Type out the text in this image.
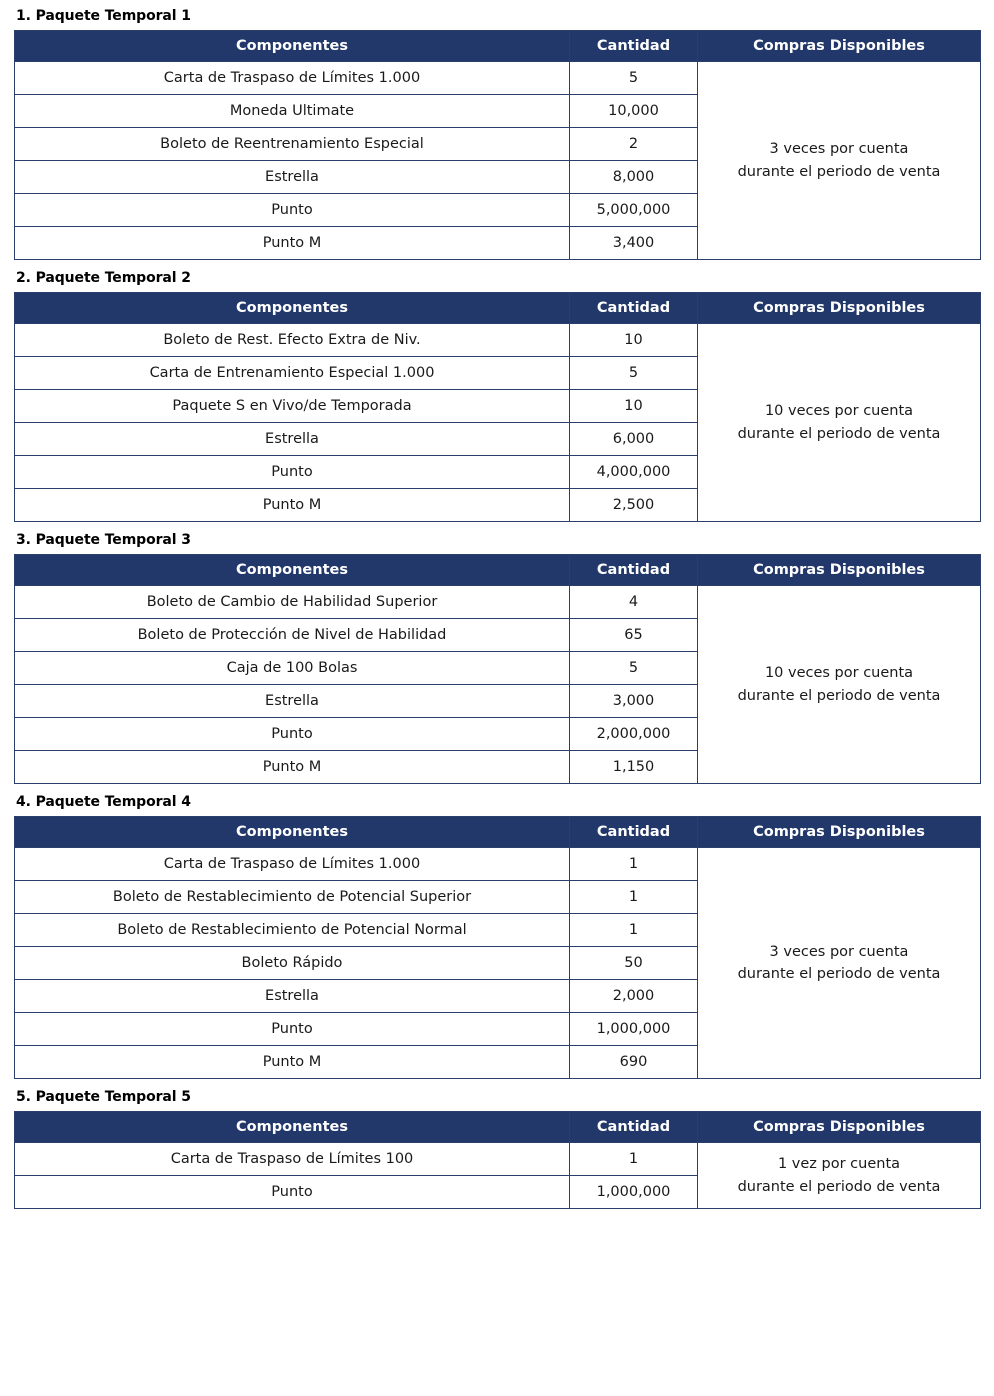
1. Paquete Temporal 1
Componentes	Cantidad	Compras Disponibles
Carta de Traspaso de Límites 1.000	5	3 veces por cuenta
durante el periodo de venta

Moneda Ultimate	10,000	
Boleto de Reentrenamiento Especial	2	
Estrella	8,000	
Punto	5,000,000	
Punto M	3,400	
2. Paquete Temporal 2
Componentes	Cantidad	Compras Disponibles
Boleto de Rest. Efecto Extra de Niv.	10	10 veces por cuenta
durante el periodo de venta

Carta de Entrenamiento Especial 1.000	5	
Paquete S en Vivo/de Temporada	10	
Estrella	6,000	
Punto	4,000,000	
Punto M	2,500	
3. Paquete Temporal 3
Componentes	Cantidad	Compras Disponibles
Boleto de Cambio de Habilidad Superior	4	10 veces por cuenta
durante el periodo de venta

Boleto de Protección de Nivel de Habilidad	65	
Caja de 100 Bolas	5	
Estrella	3,000	
Punto	2,000,000	
Punto M	1,150	
4. Paquete Temporal 4
Componentes	Cantidad	Compras Disponibles
Carta de Traspaso de Límites 1.000	1	3 veces por cuenta
durante el periodo de venta

Boleto de Restablecimiento de Potencial Superior	1	
Boleto de Restablecimiento de Potencial Normal	1	
Boleto Rápido	50	
Estrella	2,000	
Punto	1,000,000	
Punto M	690	
5. Paquete Temporal 5
Componentes	Cantidad	Compras Disponibles
Carta de Traspaso de Límites 100	1	1 vez por cuenta
durante el periodo de venta

Punto	1,000,000	
